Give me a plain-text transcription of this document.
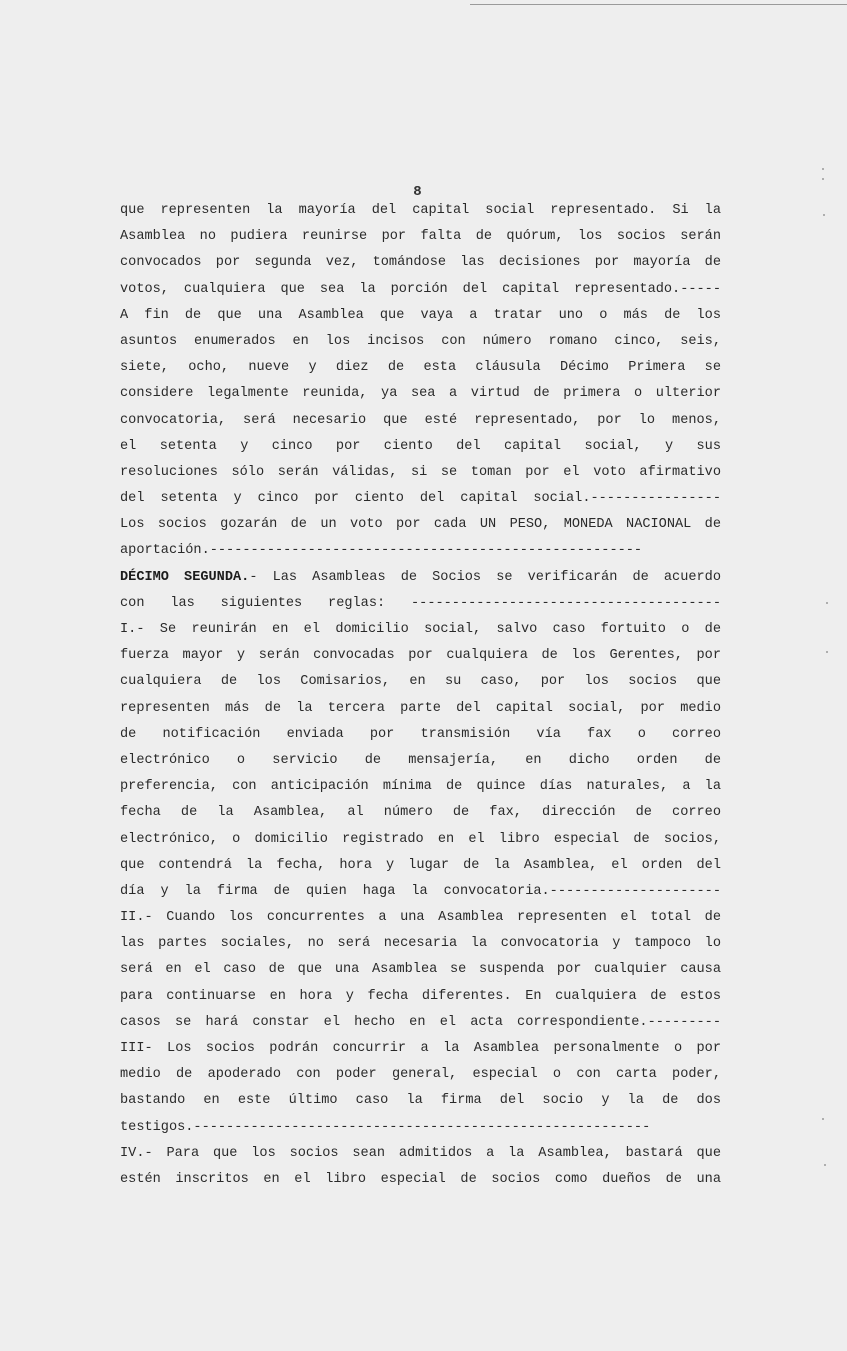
8
que representen la mayoría del capital social representado. Si la
Asamblea no pudiera reunirse por falta de quórum, los socios serán
convocados por segunda vez, tomándose las decisiones por mayoría de
votos, cualquiera que sea la porción del capital representado.-----
A fin de que una Asamblea que vaya a tratar uno o más de los
asuntos enumerados en los incisos con número romano cinco, seis,
siete, ocho, nueve y diez de esta cláusula Décimo Primera se
considere legalmente reunida, ya sea a virtud de primera o ulterior
convocatoria, será necesario que esté representado, por lo menos,
el setenta y cinco por ciento del capital social, y sus
resoluciones sólo serán válidas, si se toman por el voto afirmativo
del setenta y cinco por ciento del capital social.----------------
Los socios gozarán de un voto por cada UN PESO, MONEDA NACIONAL de
aportación.-----------------------------------------------------
DÉCIMO SEGUNDA.- Las Asambleas de Socios se verificarán de acuerdo
con las siguientes reglas: --------------------------------------
I.- Se reunirán en el domicilio social, salvo caso fortuito o de
fuerza mayor y serán convocadas por cualquiera de los Gerentes, por
cualquiera de los Comisarios, en su caso, por los socios que
representen más de la tercera parte del capital social, por medio
de notificación enviada por transmisión vía fax o correo
electrónico o servicio de mensajería, en dicho orden de
preferencia, con anticipación mínima de quince días naturales, a la
fecha de la Asamblea, al número de fax, dirección de correo
electrónico, o domicilio registrado en el libro especial de socios,
que contendrá la fecha, hora y lugar de la Asamblea, el orden del
día y la firma de quien haga la convocatoria.---------------------
II.- Cuando los concurrentes a una Asamblea representen el total de
las partes sociales, no será necesaria la convocatoria y tampoco lo
será en el caso de que una Asamblea se suspenda por cualquier causa
para continuarse en hora y fecha diferentes. En cualquiera de estos
casos se hará constar el hecho en el acta correspondiente.---------
III- Los socios podrán concurrir a la Asamblea personalmente o por
medio de apoderado con poder general, especial o con carta poder,
bastando en este último caso la firma del socio y la de dos
testigos.--------------------------------------------------------
IV.- Para que los socios sean admitidos a la Asamblea, bastará que
estén inscritos en el libro especial de socios como dueños de una
